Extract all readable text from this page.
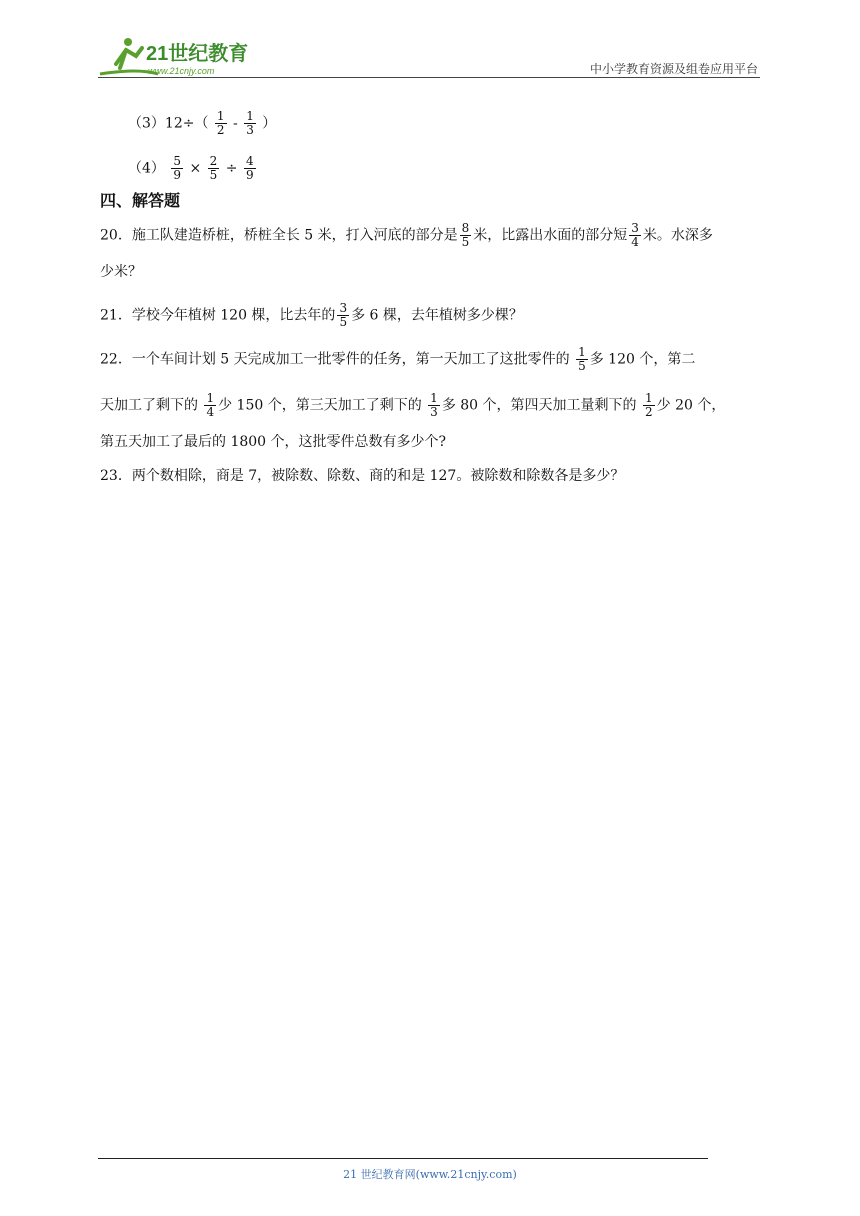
21世纪教育
www.21cnjy.com	中小学教育资源及组卷应用平台
$(3)12\div( \frac{1}{2} - \frac{1}{3}$ ）
$(4) \frac{5}{9} \times \frac{2}{5} \div \frac{4}{9}$
四、解答题
20．施工队建造桥桩，桥桩全长 5 米，打入河底的部分是 $\frac{8}{5}$ 米，比露出水面的部分短 $\frac{3}{4}$ 米。水深多
少米？
21．学校今年植树 120 棵，比去年的 $\frac{3}{5}$ 多 6 棵，去年植树多少棵？
22．一个车间计划 5 天完成加工一批零件的任务，第一天加工了这批零件的 $\frac{1}{5}$ 多 120 个，第二
天加工了剩下的 $\frac{1}{4}$ 少 150 个，第三天加工了剩下的 $\frac{1}{3}$ 多 80 个，第四天加工量剩下的 $\frac{1}{2}$ 少 20 个，
第五天加工了最后的 1800 个，这批零件总数有多少个?
23．两个数相除，商是 7，被除数、除数、商的和是 127。被除数和除数各是多少？
21 世纪教育网(www.21cnjy.com)
